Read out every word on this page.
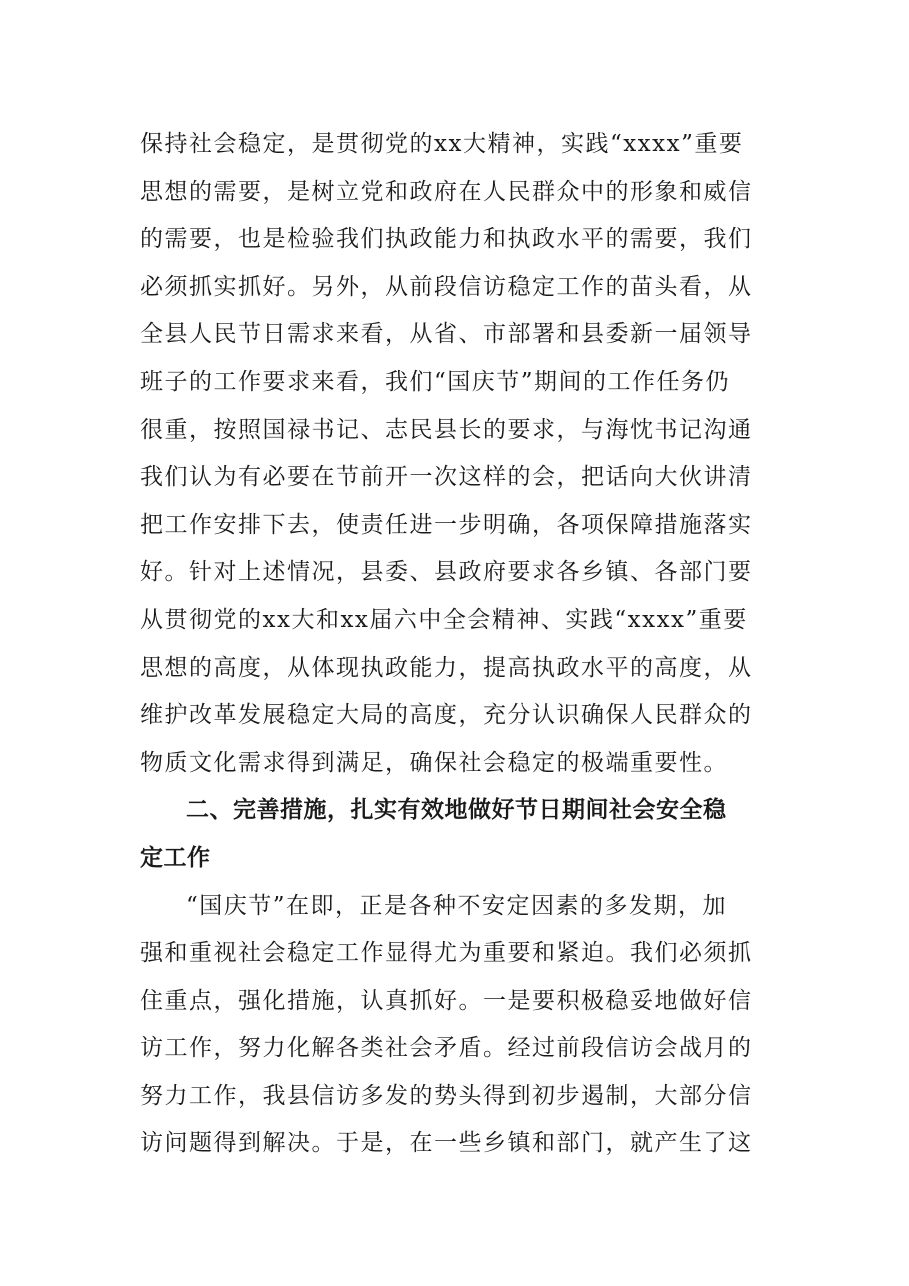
保持社会稳定，是贯彻党的xx大精神，实践“xxxx”重要
思想的需要，是树立党和政府在人民群众中的形象和威信
的需要，也是检验我们执政能力和执政水平的需要，我们
必须抓实抓好。另外，从前段信访稳定工作的苗头看，从
全县人民节日需求来看，从省、市部署和县委新一届领导
班子的工作要求来看，我们“国庆节”期间的工作任务仍
很重，按照国禄书记、志民县长的要求，与海忱书记沟通
我们认为有必要在节前开一次这样的会，把话向大伙讲清
把工作安排下去，使责任进一步明确，各项保障措施落实
好。针对上述情况，县委、县政府要求各乡镇、各部门要
从贯彻党的xx大和xx届六中全会精神、实践“xxxx”重要
思想的高度，从体现执政能力，提高执政水平的高度，从
维护改革发展稳定大局的高度，充分认识确保人民群众的
物质文化需求得到满足，确保社会稳定的极端重要性。
二、完善措施，扎实有效地做好节日期间社会安全稳
定工作
“国庆节”在即，正是各种不安定因素的多发期，加
强和重视社会稳定工作显得尤为重要和紧迫。我们必须抓
住重点，强化措施，认真抓好。一是要积极稳妥地做好信
访工作，努力化解各类社会矛盾。经过前段信访会战月的
努力工作，我县信访多发的势头得到初步遏制，大部分信
访问题得到解决。于是，在一些乡镇和部门，就产生了这
